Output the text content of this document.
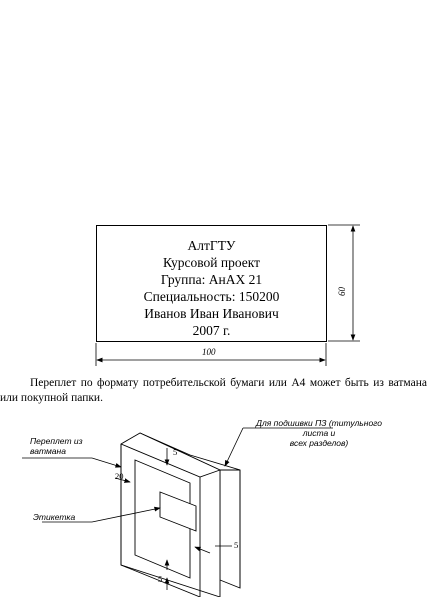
АлтГТУ
Курсовой проект
Группа: АнАХ 21
Специальность: 150200
Иванов Иван Иванович
2007 г.
100
60
Переплет по формату потребительской бумаги или А4 может быть из ватмана
или покупной папки.
Переплет из
ватмана
Этикетка
Для подшивки ПЗ (титульного листа и
всех разделов)
5
20
5
5
